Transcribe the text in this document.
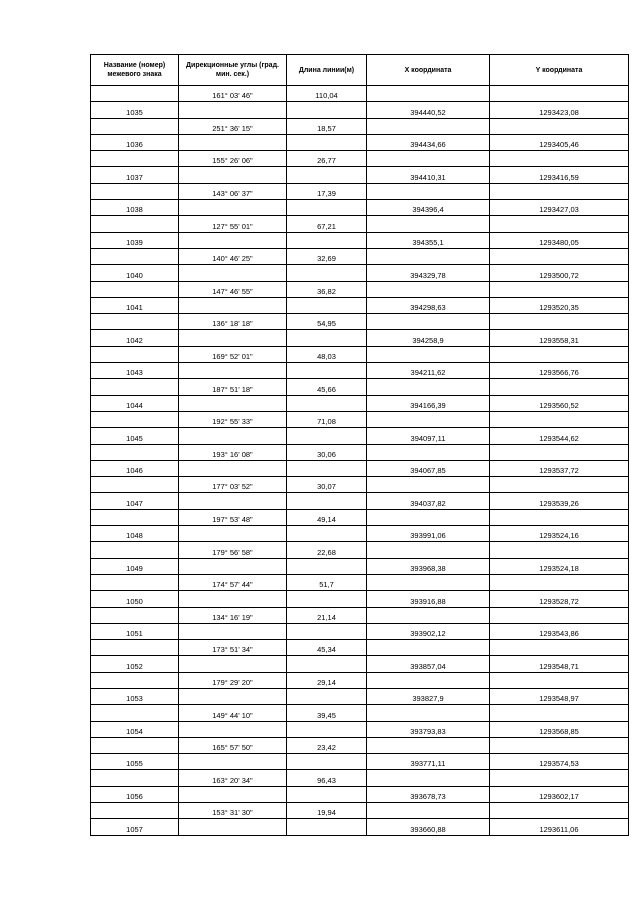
Название (номер) межевого знака	Дирекционные углы (град. мин. сек.)	Длина линии(м)	X координата	Y координата
	161° 03' 46"	110,04		
1035			394440,52	1293423,08
	251° 36' 15"	18,57		
1036			394434,66	1293405,46
	155° 26' 06"	26,77		
1037			394410,31	1293416,59
	143° 06' 37"	17,39		
1038			394396,4	1293427,03
	127° 55' 01"	67,21		
1039			394355,1	1293480,05
	140° 46' 25"	32,69		
1040			394329,78	1293500,72
	147° 46' 55"	36,82		
1041			394298,63	1293520,35
	136° 18' 18"	54,95		
1042			394258,9	1293558,31
	169° 52' 01"	48,03		
1043			394211,62	1293566,76
	187° 51' 18"	45,66		
1044			394166,39	1293560,52
	192° 55' 33"	71,08		
1045			394097,11	1293544,62
	193° 16' 08"	30,06		
1046			394067,85	1293537,72
	177° 03' 52"	30,07		
1047			394037,82	1293539,26
	197° 53' 48"	49,14		
1048			393991,06	1293524,16
	179° 56' 58"	22,68		
1049			393968,38	1293524,18
	174° 57' 44"	51,7		
1050			393916,88	1293528,72
	134° 16' 19"	21,14		
1051			393902,12	1293543,86
	173° 51' 34"	45,34		
1052			393857,04	1293548,71
	179° 29' 20"	29,14		
1053			393827,9	1293548,97
	149° 44' 10"	39,45		
1054			393793,83	1293568,85
	165° 57' 50"	23,42		
1055			393771,11	1293574,53
	163° 20' 34"	96,43		
1056			393678,73	1293602,17
	153° 31' 30"	19,94		
1057			393660,88	1293611,06
